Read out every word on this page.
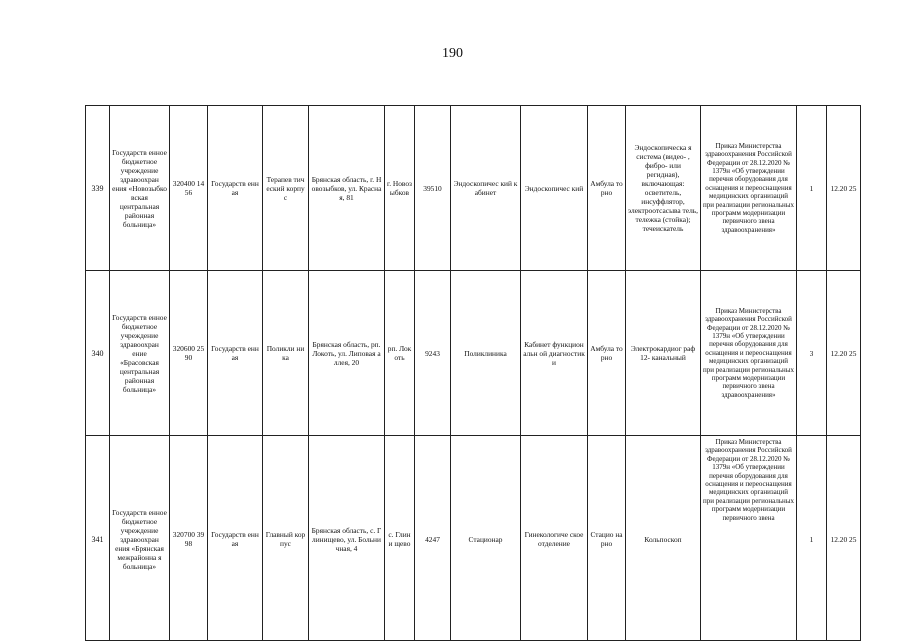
190
339	Государств енное бюджетное учреждение здравоохран ения «Новозыбко вская центральная районная больница»	320400 1456	Государств енная	Терапев тический корпус	Брянская область, г. Новозыбков, ул. Красная, 81	г. Новоз ыбков	39510	Эндоскопичес кий кабинет	Эндоскопичес кий	Амбула торно	Эндоскопическа я система (видео- , фибро- или регидная), включающая: осветитель, инсуффлятор, электроотсасыва тель, тележка (стойка); течеискатель	Приказ Министерства здравоохранения Российской Федерации от 28.12.2020 № 1379н «Об утверждении перечня оборудования для оснащения и переоснащения медицинских организаций при реализации региональных программ модернизации первичного звена здравоохранения»	1	12.20 25
340	Государств енное бюджетное учреждение здравоохран ение «Брасовская центральная районная больница»	320600 2590	Государств енная	Поликли ника	Брянская область, рп. Локоть, ул. Липовая аллея, 20	рп. Локоть	9243	Поликлиника	Кабинет функциональн ой диагностики	Амбула торно	Электрокардиог раф 12- канальный	Приказ Министерства здравоохранения Российской Федерации от 28.12.2020 № 1379н «Об утверждении перечня оборудования для оснащения и переоснащения медицинских организаций при реализации региональных программ модернизации первичного звена здравоохранения»	3	12.20 25
341	Государств енное бюджетное учреждение здравоохран ения «Брянская межрайонна я больница»	320700 3998	Государств енная	Главный корпус	Брянская область, с. Глинищево, ул. Больничная, 4	с. Глини щево	4247	Стационар	Гинекологиче ское отделение	Стацио нарно	Кольпоскоп	Приказ Министерства здравоохранения Российской Федерации от 28.12.2020 № 1379н «Об утверждении перечня оборудования для оснащения и переоснащения медицинских организаций при реализации региональных программ модернизации первичного звена	1	12.20 25
